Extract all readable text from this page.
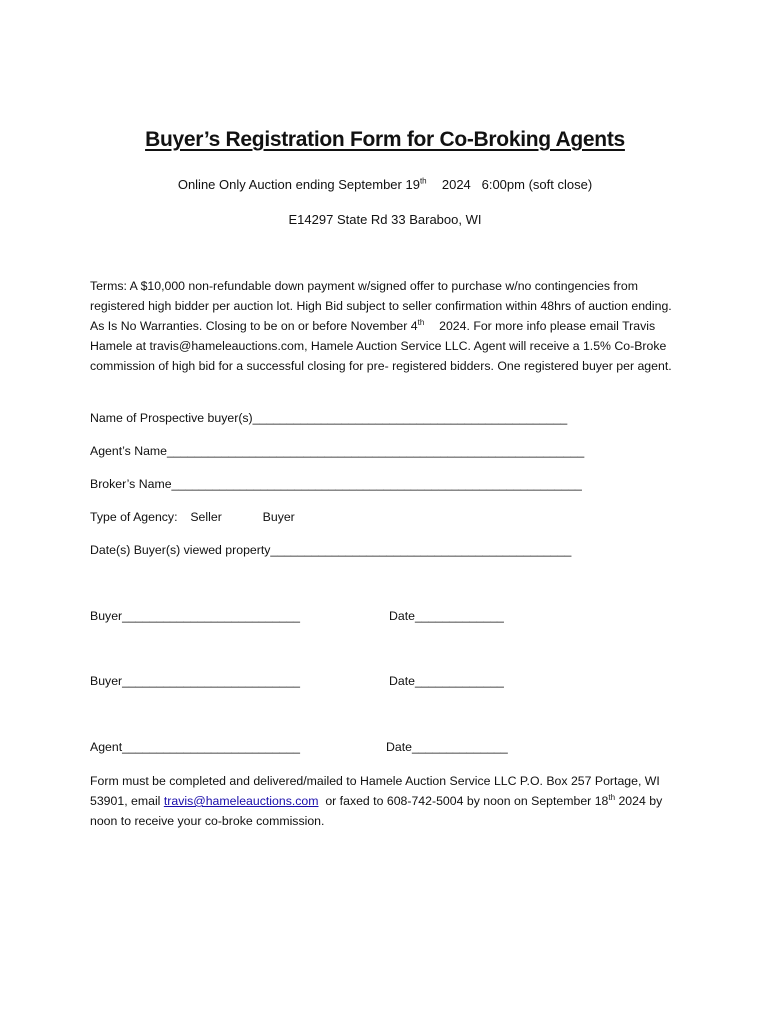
Buyer’s Registration Form for Co-Broking Agents
Online Only Auction ending September 19th 2024   6:00pm (soft close)
E14297 State Rd 33 Baraboo, WI
Terms: A $10,000 non-refundable down payment w/signed offer to purchase w/no contingencies from registered high bidder per auction lot. High Bid subject to seller confirmation within 48hrs of auction ending. As Is No Warranties. Closing to be on or before November 4th 2024. For more info please email Travis Hamele at travis@hameleauctions.com, Hamele Auction Service LLC. Agent will receive a 1.5% Co-Broke commission of high bid for a successful closing for pre- registered bidders. One registered buyer per agent.
Name of Prospective buyer(s)______________________________________________
Agent’s Name_____________________________________________________________
Broker’s Name____________________________________________________________
Type of Agency: Seller	Buyer
Date(s) Buyer(s) viewed property____________________________________________
Buyer__________________________	Date_____________
Buyer__________________________	Date_____________
Agent__________________________	Date______________
Form must be completed and delivered/mailed to Hamele Auction Service LLC P.O. Box 257 Portage, WI 53901, email travis@hameleauctions.com  or faxed to 608-742-5004 by noon on September 18th 2024 by noon to receive your co-broke commission.
